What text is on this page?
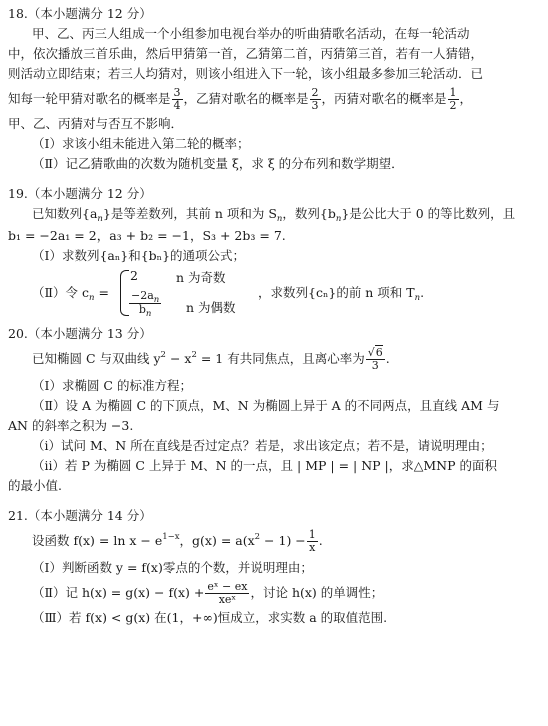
18.（本小题满分 12 分）
甲、乙、丙三人组成一个小组参加电视台举办的听曲猜歌名活动，在每一轮活动
中，依次播放三首乐曲，然后甲猜第一首，乙猜第二首，丙猜第三首，若有一人猜错，
则活动立即结束；若三人均猜对，则该小组进入下一轮，该小组最多参加三轮活动．已
知每一轮甲猜对歌名的概率是 $\frac{3}{4}$ ，乙猜对歌名的概率是 $\frac{2}{3}$ ，丙猜对歌名的概率是 $\frac{1}{2}$ ，
甲、乙、丙猜对与否互不影响．
（Ⅰ）求该小组未能进入第二轮的概率；
（Ⅱ）记乙猜歌曲的次数为随机变量 ξ，求 ξ 的分布列和数学期望．
19.（本小题满分 12 分）
已知数列$\{a_n\}$是等差数列，其前 n 项和为 $S_n$，数列$\{b_n\}$是公比大于 0 的等比数列，且
b₁ = −2a₁ = 2，a₃ + b₂ = −1，S₃ + 2b₃ = 7.
（Ⅰ）求数列{aₙ}和{bₙ}的通项公式；
（Ⅱ）令 $c_n$ =
2	n 为奇数
$\frac{-2a_n}{b_n}$ n 为偶数
，求数列{cₙ}的前 n 项和 $T_n$.
20.（本小题满分 13 分）
已知椭圆 C 与双曲线 $y^2 - x^2 = 1$ 有共同焦点，且离心率为 $\frac{√6}{3}$ .
（Ⅰ）求椭圆 C 的标准方程；
（Ⅱ）设 A 为椭圆 C 的下顶点，M、N 为椭圆上异于 A 的不同两点，且直线 AM 与
AN 的斜率之积为 −3.
（ⅰ）试问 M、N 所在直线是否过定点？若是，求出该定点；若不是，请说明理由；
（ⅱ）若 P 为椭圆 C 上异于 M、N 的一点，且 | MP | = | NP |，求△MNP 的面积
的最小值.
21.（本小题满分 14 分）
设函数 $f(x) = \ln x - e^{1-x}$，$g(x) = a(x^2 - 1) - \frac{1}{x}$ .
（Ⅰ）判断函数 y = f(x)零点的个数，并说明理由；
（Ⅱ）记 $h(x) = g(x) - f(x) + \frac{\text{eˣ − ex}}{\text{xeˣ}}$ ，讨论 h(x) 的单调性；
（Ⅲ）若 f(x) < g(x) 在(1，+∞)恒成立，求实数 a 的取值范围.
